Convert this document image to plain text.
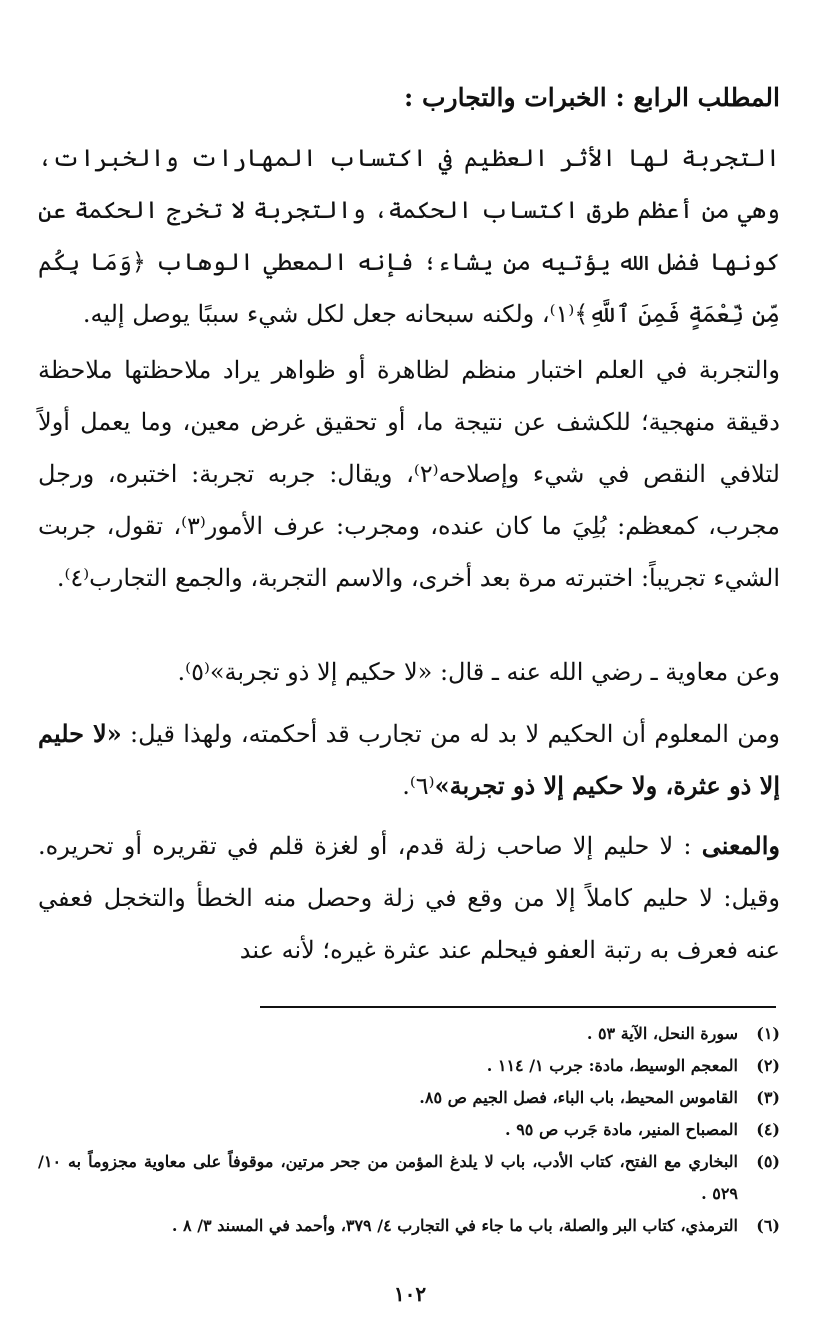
المطلب الرابع : الخبرات والتجارب :
التجربة لها الأثر العظيم في اكتساب المهارات والخبرات، وهي من أعظم طرق اكتساب الحكمة، والتجربة لا تخرج الحكمة عن كونها فضل الله يؤتيه من يشاء؛ فإنه المعطي الوهاب ﴿وَمَا بِكُم مِّن نِّعْمَةٍ فَمِنَ ٱللَّهِ﴾⁽١⁾، ولكنه سبحانه جعل لكل شيء سببًا يوصل إليه.
والتجربة في العلم اختبار منظم لظاهرة أو ظواهر يراد ملاحظتها ملاحظة دقيقة منهجية؛ للكشف عن نتيجة ما، أو تحقيق غرض معين، وما يعمل أولاً لتلافي النقص في شيء وإصلاحه⁽٢⁾، ويقال: جربه تجربة: اختبره، ورجل مجرب، كمعظم: بُلِيَ ما كان عنده، ومجرب: عرف الأمور⁽٣⁾، تقول، جربت الشيء تجريباً: اختبرته مرة بعد أخرى، والاسم التجربة، والجمع التجارب⁽٤⁾.
وعن معاوية ـ رضي الله عنه ـ قال: «لا حكيم إلا ذو تجربة»⁽٥⁾.
ومن المعلوم أن الحكيم لا بد له من تجارب قد أحكمته، ولهذا قيل: «لا حليم إلا ذو عثرة، ولا حكيم إلا ذو تجربة»⁽٦⁾.
والمعنى : لا حليم إلا صاحب زلة قدم، أو لغزة قلم في تقريره أو تحريره. وقيل: لا حليم كاملاً إلا من وقع في زلة وحصل منه الخطأ والتخجل فعفي عنه فعرف به رتبة العفو فيحلم عند عثرة غيره؛ لأنه عند
(١)
سورة النحل، الآية ٥٣ .
(٢)
المعجم الوسيط، مادة: جرب ١/ ١١٤ .
(٣)
القاموس المحيط، باب الباء، فصل الجيم ص ٨٥.
(٤)
المصباح المنير، مادة جَرب ص ٩٥ .
(٥)
البخاري مع الفتح، كتاب الأدب، باب لا يلدغ المؤمن من جحر مرتين، موقوفاً على معاوية مجزوماً به ١٠/ ٥٢٩ .
(٦)
الترمذي، كتاب البر والصلة، باب ما جاء في التجارب ٤/ ٣٧٩، وأحمد في المسند ٣/ ٨ .
١٠٢
